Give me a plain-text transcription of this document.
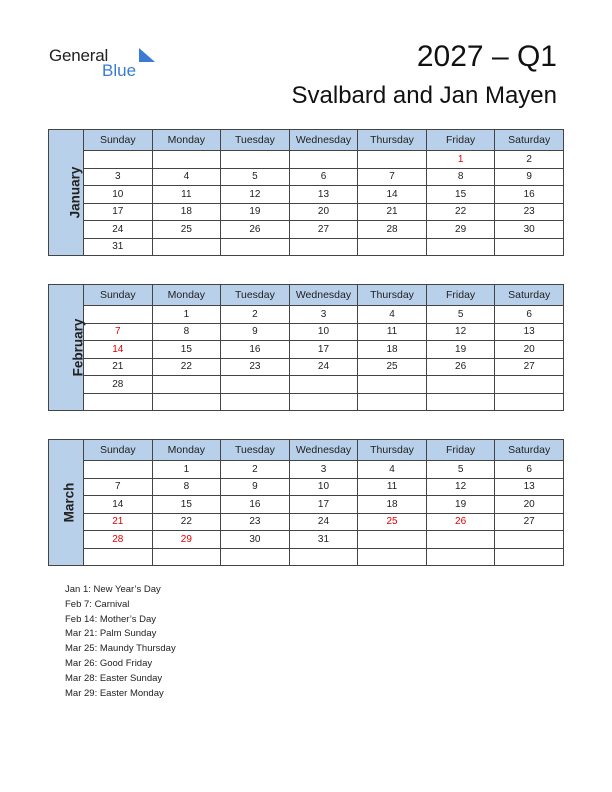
General
Blue	2027 – Q1
Svalbard and Jan Mayen
January	Sunday	Monday	Tuesday	Wednesday	Thursday	Friday	Saturday
						1	2
	3	4	5	6	7	8	9
	10	11	12	13	14	15	16
	17	18	19	20	21	22	23
	24	25	26	27	28	29	30
	31						
February	Sunday	Monday	Tuesday	Wednesday	Thursday	Friday	Saturday
		1	2	3	4	5	6
	7	8	9	10	11	12	13
	14	15	16	17	18	19	20
	21	22	23	24	25	26	27
	28						

March	Sunday	Monday	Tuesday	Wednesday	Thursday	Friday	Saturday
		1	2	3	4	5	6
	7	8	9	10	11	12	13
	14	15	16	17	18	19	20
	21	22	23	24	25	26	27
	28	29	30	31			

Jan 1: New Year’s Day
Feb 7: Carnival
Feb 14: Mother’s Day
Mar 21: Palm Sunday
Mar 25: Maundy Thursday
Mar 26: Good Friday
Mar 28: Easter Sunday
Mar 29: Easter Monday
